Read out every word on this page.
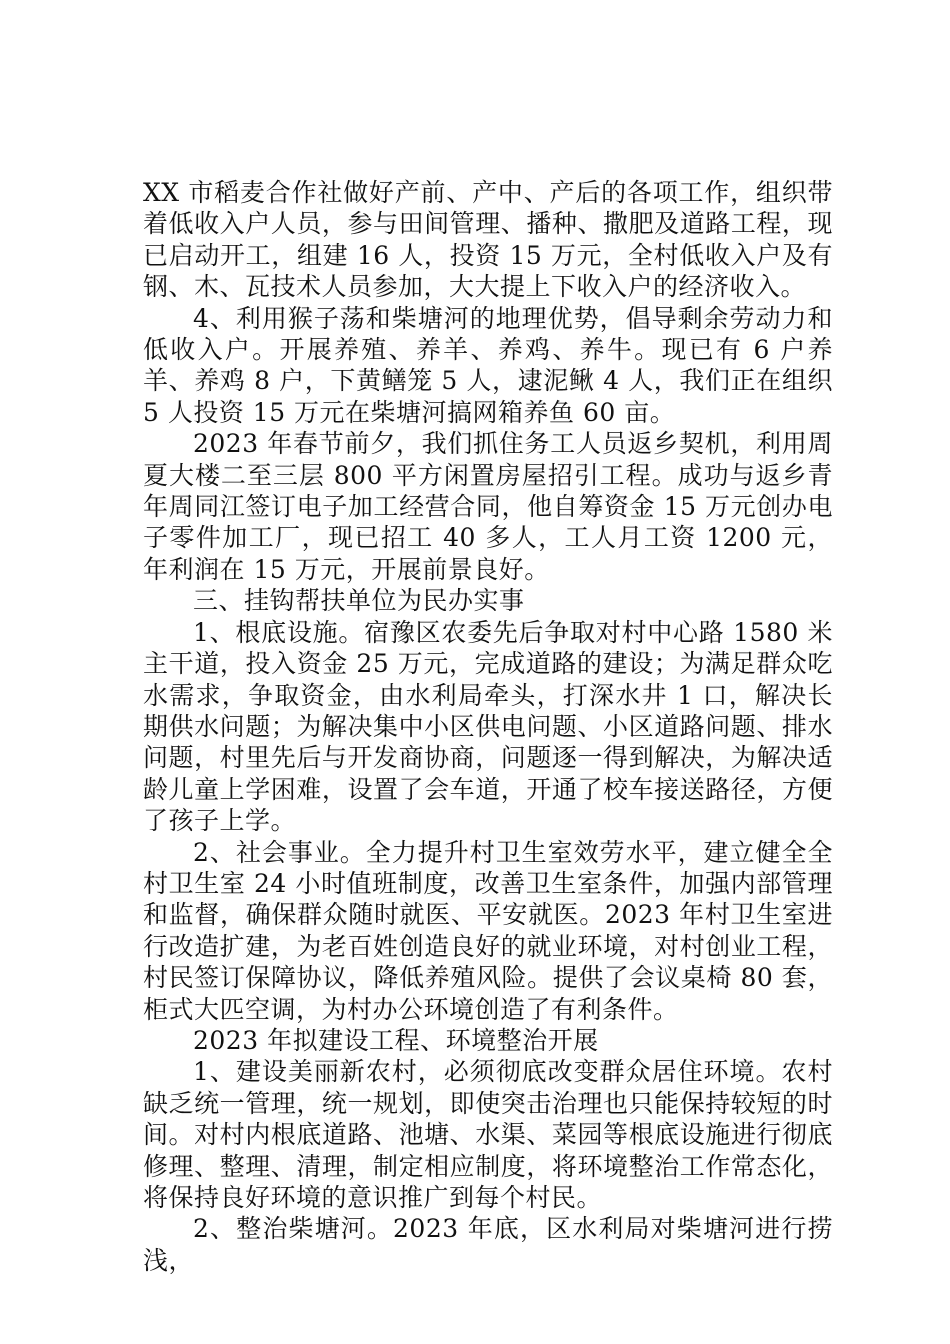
XX 市稻麦合作社做好产前、产中、产后的各项工作，组织带着低收入户人员，参与田间管理、播种、撒肥及道路工程，现已启动开工，组建 16 人，投资 15 万元，全村低收入户及有钢、木、瓦技术人员参加，大大提上下收入户的经济收入。

4、利用猴子荡和柴塘河的地理优势，倡导剩余劳动力和低收入户。开展养殖、养羊、养鸡、养牛。现已有 6 户养羊、养鸡 8 户，下黄鳝笼 5 人，逮泥鳅 4 人，我们正在组织 5 人投资 15 万元在柴塘河搞网箱养鱼 60 亩。

2023 年春节前夕，我们抓住务工人员返乡契机，利用周夏大楼二至三层 800 平方闲置房屋招引工程。成功与返乡青年周同江签订电子加工经营合同，他自筹资金 15 万元创办电子零件加工厂，现已招工 40 多人，工人月工资 1200 元，年利润在 15 万元，开展前景良好。

三、挂钩帮扶单位为民办实事

1、根底设施。宿豫区农委先后争取对村中心路 1580 米主干道，投入资金 25 万元，完成道路的建设；为满足群众吃水需求，争取资金，由水利局牵头，打深水井 1 口，解决长期供水问题；为解决集中小区供电问题、小区道路问题、排水问题，村里先后与开发商协商，问题逐一得到解决，为解决适龄儿童上学困难，设置了会车道，开通了校车接送路径，方便了孩子上学。

2、社会事业。全力提升村卫生室效劳水平，建立健全全村卫生室 24 小时值班制度，改善卫生室条件，加强内部管理和监督，确保群众随时就医、平安就医。2023 年村卫生室进行改造扩建，为老百姓创造良好的就业环境，对村创业工程，村民签订保障协议，降低养殖风险。提供了会议桌椅 80 套，柜式大匹空调，为村办公环境创造了有利条件。

2023 年拟建设工程、环境整治开展

1、建设美丽新农村，必须彻底改变群众居住环境。农村缺乏统一管理，统一规划，即使突击治理也只能保持较短的时间。对村内根底道路、池塘、水渠、菜园等根底设施进行彻底修理、整理、清理，制定相应制度，将环境整治工作常态化，将保持良好环境的意识推广到每个村民。

2、整治柴塘河。2023 年底，区水利局对柴塘河进行捞浅，
